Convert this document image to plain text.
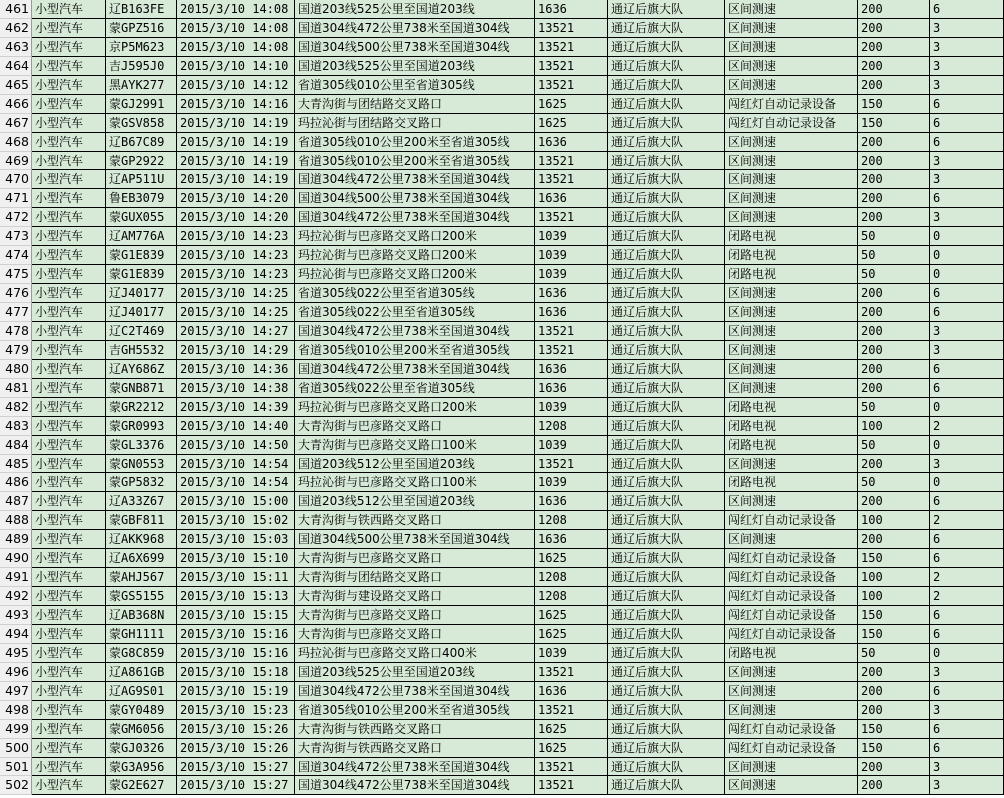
461 小型汽车	辽B163FE	2015/3/10 14:08 国道203线525公里至国道203线	1636	通辽后旗大队	区间测速	200	6
462 小型汽车	蒙GPZ516	2015/3/10 14:08 国道304线472公里738米至国道304线	13521	通辽后旗大队	区间测速	200	3
463 小型汽车	京P5M623	2015/3/10 14:08 国道304线500公里738米至国道304线	13521	通辽后旗大队	区间测速	200	3
464 小型汽车	吉J595J0	2015/3/10 14:10 国道203线525公里至国道203线	13521	通辽后旗大队	区间测速	200	3
465 小型汽车	黑AYK277	2015/3/10 14:12 省道305线010公里至省道305线	13521	通辽后旗大队	区间测速	200	3
466 小型汽车	蒙GJ2991	2015/3/10 14:16 大青沟街与团结路交叉路口	1625	通辽后旗大队	闯红灯自动记录设备	150	6
467 小型汽车	蒙GSV858	2015/3/10 14:19 玛拉沁街与团结路交叉路口	1625	通辽后旗大队	闯红灯自动记录设备	150	6
468 小型汽车	辽B67C89	2015/3/10 14:19 省道305线010公里200米至省道305线	1636	通辽后旗大队	区间测速	200	6
469 小型汽车	蒙GP2922	2015/3/10 14:19 省道305线010公里200米至省道305线	13521	通辽后旗大队	区间测速	200	3
470 小型汽车	辽AP511U	2015/3/10 14:19 国道304线472公里738米至国道304线	13521	通辽后旗大队	区间测速	200	3
471 小型汽车	鲁EB3079	2015/3/10 14:20 国道304线500公里738米至国道304线	1636	通辽后旗大队	区间测速	200	6
472 小型汽车	蒙GUX055	2015/3/10 14:20 国道304线472公里738米至国道304线	13521	通辽后旗大队	区间测速	200	3
473 小型汽车	辽AM776A	2015/3/10 14:23 玛拉沁街与巴彦路交叉路口200米	1039	通辽后旗大队	闭路电视	50	0
474 小型汽车	蒙G1E839	2015/3/10 14:23 玛拉沁街与巴彦路交叉路口200米	1039	通辽后旗大队	闭路电视	50	0
475 小型汽车	蒙G1E839	2015/3/10 14:23 玛拉沁街与巴彦路交叉路口200米	1039	通辽后旗大队	闭路电视	50	0
476 小型汽车	辽J40177	2015/3/10 14:25 省道305线022公里至省道305线	1636	通辽后旗大队	区间测速	200	6
477 小型汽车	辽J40177	2015/3/10 14:25 省道305线022公里至省道305线	1636	通辽后旗大队	区间测速	200	6
478 小型汽车	辽C2T469	2015/3/10 14:27 国道304线472公里738米至国道304线	13521	通辽后旗大队	区间测速	200	3
479 小型汽车	吉GH5532	2015/3/10 14:29 省道305线010公里200米至省道305线	13521	通辽后旗大队	区间测速	200	3
480 小型汽车	辽AY686Z	2015/3/10 14:36 国道304线472公里738米至国道304线	1636	通辽后旗大队	区间测速	200	6
481 小型汽车	蒙GNB871	2015/3/10 14:38 省道305线022公里至省道305线	1636	通辽后旗大队	区间测速	200	6
482 小型汽车	蒙GR2212	2015/3/10 14:39 玛拉沁街与巴彦路交叉路口200米	1039	通辽后旗大队	闭路电视	50	0
483 小型汽车	蒙GR0993	2015/3/10 14:40 大青沟街与巴彦路交叉路口	1208	通辽后旗大队	闭路电视	100	2
484 小型汽车	蒙GL3376	2015/3/10 14:50 大青沟街与巴彦路交叉路口100米	1039	通辽后旗大队	闭路电视	50	0
485 小型汽车	蒙GN0553	2015/3/10 14:54 国道203线512公里至国道203线	13521	通辽后旗大队	区间测速	200	3
486 小型汽车	蒙GP5832	2015/3/10 14:54 玛拉沁街与巴彦路交叉路口100米	1039	通辽后旗大队	闭路电视	50	0
487 小型汽车	辽A33Z67	2015/3/10 15:00 国道203线512公里至国道203线	1636	通辽后旗大队	区间测速	200	6
488 小型汽车	蒙GBF811	2015/3/10 15:02 大青沟街与铁西路交叉路口	1208	通辽后旗大队	闯红灯自动记录设备	100	2
489 小型汽车	辽AKK968	2015/3/10 15:03 国道304线500公里738米至国道304线	1636	通辽后旗大队	区间测速	200	6
490 小型汽车	辽A6X699	2015/3/10 15:10 大青沟街与巴彦路交叉路口	1625	通辽后旗大队	闯红灯自动记录设备	150	6
491 小型汽车	蒙AHJ567	2015/3/10 15:11 大青沟街与团结路交叉路口	1208	通辽后旗大队	闯红灯自动记录设备	100	2
492 小型汽车	蒙GS5155	2015/3/10 15:13 大青沟街与建设路交叉路口	1208	通辽后旗大队	闯红灯自动记录设备	100	2
493 小型汽车	辽AB368N	2015/3/10 15:15 大青沟街与巴彦路交叉路口	1625	通辽后旗大队	闯红灯自动记录设备	150	6
494 小型汽车	蒙GH1111	2015/3/10 15:16 大青沟街与巴彦路交叉路口	1625	通辽后旗大队	闯红灯自动记录设备	150	6
495 小型汽车	蒙G8C859	2015/3/10 15:16 玛拉沁街与巴彦路交叉路口400米	1039	通辽后旗大队	闭路电视	50	0
496 小型汽车	辽A861GB	2015/3/10 15:18 国道203线525公里至国道203线	13521	通辽后旗大队	区间测速	200	3
497 小型汽车	辽AG9S01	2015/3/10 15:19 国道304线472公里738米至国道304线	1636	通辽后旗大队	区间测速	200	6
498 小型汽车	蒙GY0489	2015/3/10 15:23 省道305线010公里200米至省道305线	13521	通辽后旗大队	区间测速	200	3
499 小型汽车	蒙GM6056	2015/3/10 15:26 大青沟街与铁西路交叉路口	1625	通辽后旗大队	闯红灯自动记录设备	150	6
500 小型汽车	蒙GJ0326	2015/3/10 15:26 大青沟街与铁西路交叉路口	1625	通辽后旗大队	闯红灯自动记录设备	150	6
501 小型汽车	蒙G3A956	2015/3/10 15:27 国道304线472公里738米至国道304线	13521	通辽后旗大队	区间测速	200	3
502 小型汽车	蒙G2E627	2015/3/10 15:27 国道304线472公里738米至国道304线	13521	通辽后旗大队	区间测速	200	3
